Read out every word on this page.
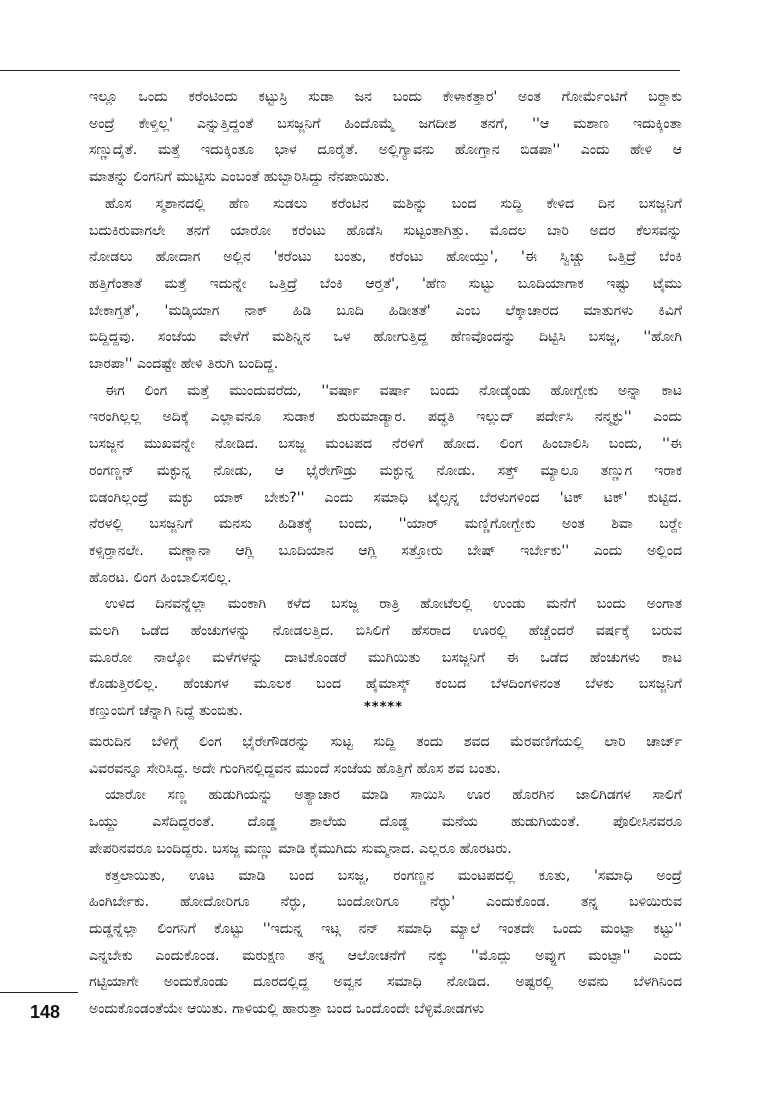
ಇಲ್ಲೂ ಒಂದು ಕರೆಂಟಿಂದು ಕಟ್ಟುಸ್ರಿ ಸುಡಾ ಜನ ಬಂದು ಕೇಳಾಕತ್ತಾರ' ಅಂತ ಗೋರ್ಮೆಂಟಿಗೆ ಬರ್‍ದಾಕು
ಅಂದ್ರೆ ಕೇಳ್ತಿಲ್ಲ' ಎನ್ನುತ್ತಿದ್ದಂತೆ ಬಸಜ್ಜನಿಗೆ ಹಿಂದೊಮ್ಮೆ ಜಗದೀಶ ತನಗೆ, ''ಆ ಮಶಾಣ ಇದುಕ್ಕಿಂತಾ
ಸಣ್ಣುದೈತೆ. ಮತ್ತೆ ಇದುಕ್ಕಿಂತೂ ಭಾಳ ದೂರೈತೆ. ಅಲ್ಲಿಗ್ಯಾವನು ಹೋಗ್ತಾನ ಬಿಡಪಾ'' ಎಂದು ಹೇಳಿ ಆ
ಮಾತನ್ನು ಲಿಂಗನಿಗೆ ಮುಟ್ಟಿಸು ಎಂಬಂತೆ ಹುಬ್ಬಾರಿಸಿದ್ದು ನೆನಪಾಯಿತು.

ಹೊಸ ಸ್ಮಶಾನದಲ್ಲಿ ಹೆಣ ಸುಡಲು ಕರೆಂಟಿನ ಮಶಿನ್ನು ಬಂದ ಸುದ್ದಿ ಕೇಳಿದ ದಿನ ಬಸಜ್ಜನಿಗೆ
ಬದುಕಿರುವಾಗಲೇ ತನಗೆ ಯಾರೋ ಕರೆಂಟು ಹೊಡೆಸಿ ಸುಟ್ಟಂತಾಗಿತ್ತು. ಮೊದಲ ಬಾರಿ ಅದರ ಕೆಲಸವನ್ನು
ನೋಡಲು ಹೋದಾಗ ಅಲ್ಲಿನ 'ಕರೆಂಟು ಬಂತು, ಕರೆಂಟು ಹೋಯ್ತು', 'ಈ ಸ್ವಿಚ್ಚು ಒತ್ತಿದ್ರೆ ಬೆಂಕಿ
ಹತ್ತಿಗೆಂತಾತೆ ಮತ್ತೆ ಇದುನ್ನೇ ಒತ್ತಿದ್ರೆ ಬೆಂಕಿ ಆರ್‍ತತೆ', 'ಹೆಣ ಸುಟ್ಟು ಬೂದಿಯಾಗಾಕ ಇಷ್ಟು ಟೈಮು
ಬೇಕಾಗ್ತತೆ', 'ಮಡ್ಕಿಯಾಗ ನಾಕ್ ಹಿಡಿ ಬೂದಿ ಹಿಡೀತತೆ' ಎಂಬ ಲೆಕ್ಕಾಚಾರದ ಮಾತುಗಳು ಕಿವಿಗೆ
ಬಿದ್ದಿದ್ದವು. ಸಂಜೆಯ ವೇಳೆಗೆ ಮಶಿನ್ನಿನ ಒಳ ಹೋಗುತ್ತಿದ್ದ ಹೆಣವೊಂದನ್ನು ದಿಟ್ಟಿಸಿ ಬಸಜ್ಜ, ''ಹೋಗಿ
ಬಾರಪಾ'' ಎಂದಷ್ಟೇ ಹೇಳಿ ತಿರುಗಿ ಬಂದಿದ್ದ.

ಈಗ ಲಿಂಗ ಮತ್ತೆ ಮುಂದುವರೆದು, ''ವರ್ಷಾ ವರ್ಷಾ ಬಂದು ನೋಡ್ಕೆಂಡು ಹೋಗ್ಬೇಕು ಅನ್ನಾ ಕಾಟ
ಇರಂಗಿಲ್ಲಲ್ಲ ಅದಿಕ್ಕೆ ಎಲ್ಲಾವನೂ ಸುಡಾಕ ಶುರುಮಾಡ್ಯಾರ. ಪದ್ಧತಿ ಇಲ್ಲುದ್ ಪರ್ದೇಸಿ ನನ್ಮಕ್ಳು'' ಎಂದು
ಬಸಜ್ಜನ ಮುಖವನ್ನೇ ನೋಡಿದ. ಬಸಜ್ಜ ಮಂಟಪದ ನೆರಳಿಗೆ ಹೋದ. ಲಿಂಗ ಹಿಂಬಾಲಿಸಿ ಬಂದು, ''ಈ
ರಂಗಣ್ಣನ್ ಮಕ್ಳುನ್ನ ನೋಡು, ಆ ಭೈರೇಗೌಡ್ರು ಮಕ್ಳುನ್ನ ನೋಡು. ಸತ್ತ್ ಮ್ಯಾಲೂ ತಣ್ಣುಗ ಇರಾಕ
ಬಿಡಂಗಿಲ್ಲಂದ್ರೆ ಮಕ್ಳು ಯಾಕ್ ಬೇಕು?'' ಎಂದು ಸಮಾಧಿ ಟೈಲ್ಸನ್ನ ಬೆರಳುಗಳಿಂದ 'ಟಕ್ ಟಕ್' ಕುಟ್ಟಿದ.
ನೆರಳಲ್ಲಿ ಬಸಜ್ಜನಿಗೆ ಮನಸು ಹಿಡಿತಕ್ಕೆ ಬಂದು, ''ಯಾರ್ ಮಣ್ಣಿಗೋಗ್ಬೇಕು ಅಂತ ಶಿವಾ ಬರ್‍ದೇ
ಕಳ್ಸಿರ್‍ತಾನಲೇ. ಮಣ್ಣಾನಾ ಆಗ್ಲಿ ಬೂದಿಯಾನ ಆಗ್ಲಿ ಸತ್ತೋರು ಬೇಷ್ ಇರ್ಬೇಕು'' ಎಂದು ಅಲ್ಲಿಂದ
ಹೊರಟ. ಲಿಂಗ ಹಿಂಬಾಲಿಸಲಿಲ್ಲ.

ಉಳಿದ ದಿನವನ್ನೆಲ್ಲಾ ಮಂಕಾಗಿ ಕಳೆದ ಬಸಜ್ಜ ರಾತ್ರಿ ಹೋಟೆಲಲ್ಲಿ ಉಂಡು ಮನೆಗೆ ಬಂದು ಅಂಗಾತ
ಮಲಗಿ ಒಡೆದ ಹೆಂಚುಗಳನ್ನು ನೋಡಲತ್ತಿದ. ಬಿಸಿಲಿಗೆ ಹೆಸರಾದ ಊರಲ್ಲಿ ಹೆಚ್ಚೆಂದರೆ ವರ್ಷಕ್ಕೆ ಬರುವ
ಮೂರೋ ನಾಲ್ಕೋ ಮಳೆಗಳನ್ನು ದಾಟಿಕೊಂಡರೆ ಮುಗಿಯಿತು ಬಸಜ್ಜನಿಗೆ ಈ ಒಡೆದ ಹೆಂಚುಗಳು ಕಾಟ
ಕೊಡುತ್ತಿರಲಿಲ್ಲ. ಹೆಂಚುಗಳ ಮೂಲಕ ಬಂದ ಹೈಮಾಸ್ಕ್ ಕಂಬದ ಬೆಳದಿಂಗಳಿನಂತ ಬೆಳಕು ಬಸಜ್ಜನಿಗೆ
ಕಣ್ತುಂಬಿಗೆ ಚೆನ್ನಾಗಿ ನಿದ್ದೆ ತುಂಬಿತು.	*****

ಮರುದಿನ ಬೆಳಿಗ್ಗೆ ಲಿಂಗ ಭೈರೇಗೌಡರನ್ನು ಸುಟ್ಟ ಸುದ್ದಿ ತಂದು ಶವದ ಮೆರವಣಿಗೆಯಲ್ಲಿ ಲಾರಿ ಚಾರ್ಜ್
ವಿವರವನ್ನೂ ಸೇರಿಸಿದ್ದ. ಅದೇ ಗುಂಗಿನಲ್ಲಿದ್ದವನ ಮುಂದೆ ಸಂಜೆಯ ಹೊತ್ತಿಗೆ ಹೊಸ ಶವ ಬಂತು.

ಯಾರೋ ಸಣ್ಣ ಹುಡುಗಿಯನ್ನು ಅತ್ಯಾಚಾರ ಮಾಡಿ ಸಾಯಿಸಿ ಊರ ಹೊರಗಿನ ಜಾಲಿಗಿಡಗಳ ಸಾಲಿಗೆ
ಒಯ್ದು ಎಸೆದಿದ್ದರಂತೆ. ದೊಡ್ಡ ಶಾಲೆಯ ದೊಡ್ಡ ಮನೆಯ ಹುಡುಗಿಯಂತೆ. ಪೊಲೀಸಿನವರೂ
ಪೇಪರಿನವರೂ ಬಂದಿದ್ದರು. ಬಸಜ್ಜ ಮಣ್ಣು ಮಾಡಿ ಕೈಮುಗಿದು ಸುಮ್ಮನಾದ. ಎಲ್ಲರೂ ಹೊರಟರು.

ಕತ್ತಲಾಯಿತು, ಊಟ ಮಾಡಿ ಬಂದ ಬಸಜ್ಜ, ರಂಗಣ್ಣನ ಮಂಟಪದಲ್ಲಿ ಕೂತು, 'ಸಮಾಧಿ ಅಂದ್ರೆ
ಹಿಂಗಿರ್ಬೇಕು. ಹೋದೋರಿಗೂ ನೆರ್‍ಳು, ಬಂದೋರಿಗೂ ನೆರ್‍ಳು' ಎಂದುಕೊಂಡ. ತನ್ನ ಬಳಿಯಿರುವ
ದುಡ್ಡನ್ನೆಲ್ಲಾ ಲಿಂಗನಿಗೆ ಕೊಟ್ಟು ''ಇದುನ್ನ ಇಟ್ಗ ನನ್ ಸಮಾಧಿ ಮ್ಯಾಲೆ ಇಂತದೇ ಒಂದು ಮಂಟ್ಪಾ ಕಟ್ಟು''
ಎನ್ನಬೇಕು ಎಂದುಕೊಂಡ. ಮರುಕ್ಷಣ ತನ್ನ ಆಲೋಚನೆಗೆ ನಕ್ಕು ''ಮೊದ್ಲು ಅವ್ನುಗ ಮಂಟ್ಪಾ'' ಎಂದು
ಗಟ್ಟಿಯಾಗೇ ಅಂದುಕೊಂಡು ದೂರದಲ್ಲಿದ್ದ ಅವ್ವನ ಸಮಾಧಿ ನೋಡಿದ. ಅಷ್ಟರಲ್ಲಿ ಅವನು ಬೆಳಗಿನಿಂದ
ಅಂದುಕೊಂಡಂತೆಯೇ ಆಯಿತು. ಗಾಳಿಯಲ್ಲಿ ಹಾರುತ್ತಾ ಬಂದ ಒಂದೊಂದೇ ಬೆಳ್ಳಿಮೋಡಗಳು

148
